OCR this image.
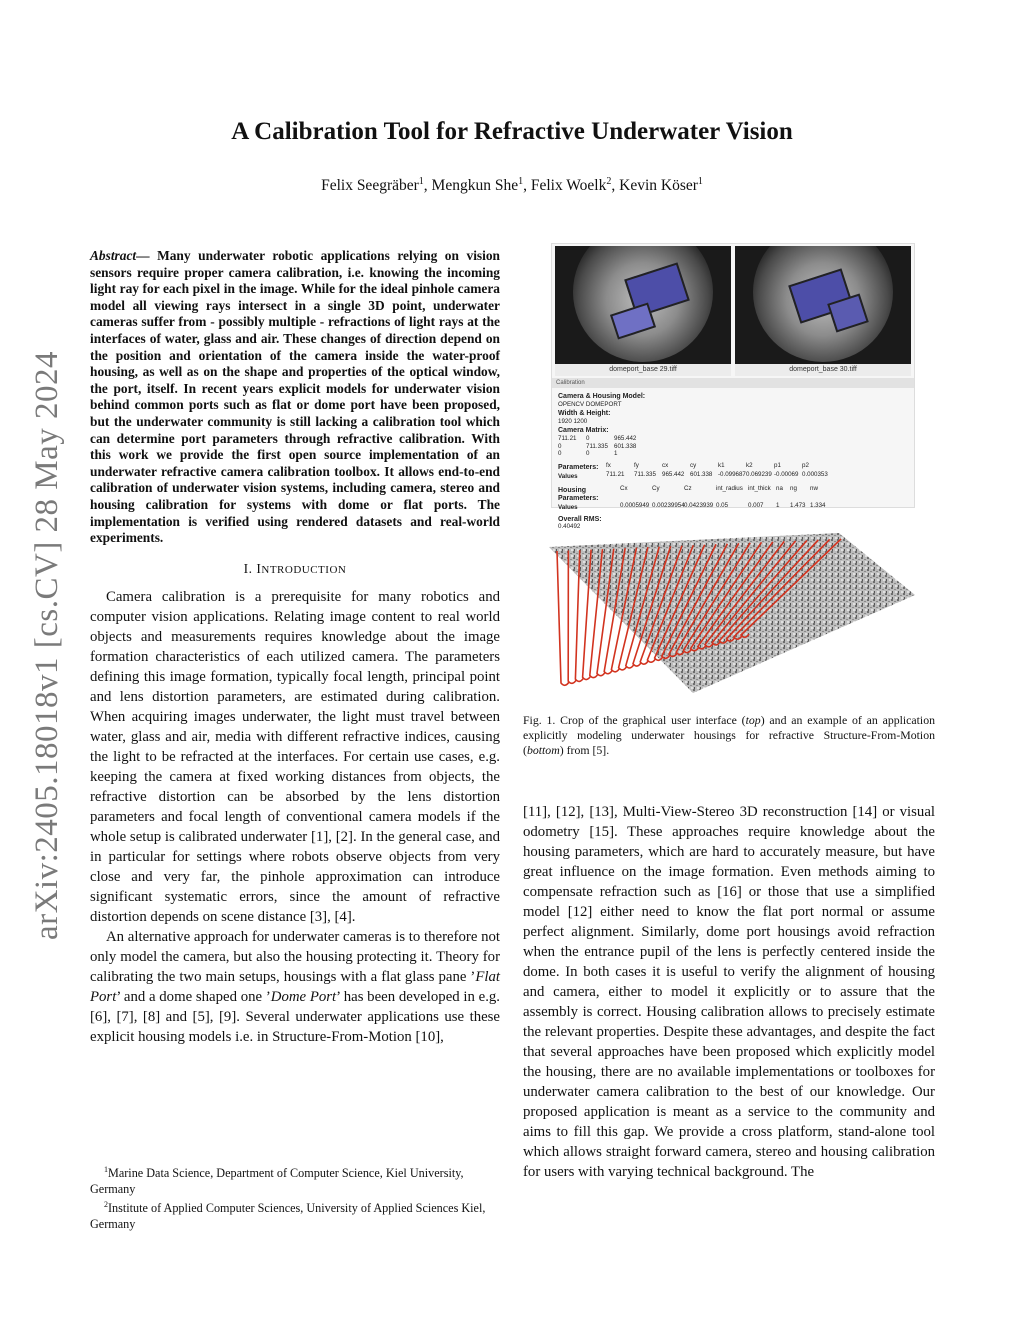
arXiv:2405.18018v1 [cs.CV] 28 May 2024
A Calibration Tool for Refractive Underwater Vision
Felix Seegräber$^1$, Mengkun She$^1$, Felix Woelk$^2$, Kevin Köser$^1$
Abstract— Many underwater robotic applications relying on vision sensors require proper camera calibration, i.e. knowing the incoming light ray for each pixel in the image. While for the ideal pinhole camera model all viewing rays intersect in a single 3D point, underwater cameras suffer from - possibly multiple - refractions of light rays at the interfaces of water, glass and air. These changes of direction depend on the position and orientation of the camera inside the water-proof housing, as well as on the shape and properties of the optical window, the port, itself. In recent years explicit models for underwater vision behind common ports such as flat or dome port have been proposed, but the underwater community is still lacking a calibration tool which can determine port parameters through refractive calibration. With this work we provide the first open source implementation of an underwater refractive camera calibration toolbox. It allows end-to-end calibration of underwater vision systems, including camera, stereo and housing calibration for systems with dome or flat ports. The implementation is verified using rendered datasets and real-world experiments.
I. INTRODUCTION

Camera calibration is a prerequisite for many robotics and computer vision applications. Relating image content to real world objects and measurements requires knowledge about the image formation characteristics of each utilized camera. The parameters defining this image formation, typically focal length, principal point and lens distortion parameters, are estimated during calibration. When acquiring images underwater, the light must travel between water, glass and air, media with different refractive indices, causing the light to be refracted at the interfaces. For certain use cases, e.g. keeping the camera at fixed working distances from objects, the refractive distortion can be absorbed by the lens distortion parameters and focal length of conventional camera models if the whole setup is calibrated underwater [1], [2]. In the general case, and in particular for settings where robots observe objects from very close and very far, the pinhole approximation can introduce significant systematic errors, since the amount of refractive distortion depends on scene distance [3], [4].

An alternative approach for underwater cameras is to therefore not only model the camera, but also the housing protecting it. Theory for calibrating the two main setups, housings with a flat glass pane ’Flat Port’ and a dome shaped one ’Dome Port’ has been developed in e.g. [6], [7], [8] and [5], [9]. Several underwater applications use these explicit housing models i.e. in Structure-From-Motion [10],

$^1$Marine Data Science, Department of Computer Science, Kiel University, Germany

$^2$Institute of Applied Computer Sciences, University of Applied Sciences Kiel, Germany

domeport_base 29.tiff	domeport_base 30.tiff
Calibration
Camera & Housing Model:
OPENCV DOMEPORT
Width & Height:
1920 1200
Camera Matrix:
711.21	0	965.442
0	711.335 601.338
0	0	1
Parameters:	fx	fy	cx	cy	k1	k2	p1	p2
Values	711.21	711.335 965.442 601.338 -0.099687 0.069239 -0.00069 0.000353
Housing Parameters:
Cx	Cy	Cz	int_radius int_thick na	ng	nw
Values	0.0005949 0.00239954 0.0423939 0.05	0.007	1	1.473 1.334
Overall RMS:
0.40492
Fig. 1. Crop of the graphical user interface (top) and an example of an application explicitly modeling underwater housings for refractive Structure-From-Motion (bottom) from [5].
[11], [12], [13], Multi-View-Stereo 3D reconstruction [14] or visual odometry [15]. These approaches require knowledge about the housing parameters, which are hard to accurately measure, but have great influence on the image formation. Even methods aiming to compensate refraction such as [16] or those that use a simplified model [12] either need to know the flat port normal or assume perfect alignment. Similarly, dome port housings avoid refraction when the entrance pupil of the lens is perfectly centered inside the dome. In both cases it is useful to verify the alignment of housing and camera, either to model it explicitly or to assure that the assembly is correct. Housing calibration allows to precisely estimate the relevant properties. Despite these advantages, and despite the fact that several approaches have been proposed which explicitly model the housing, there are no available implementations or toolboxes for underwater camera calibration to the best of our knowledge. Our proposed application is meant as a service to the community and aims to fill this gap. We provide a cross platform, stand-alone tool which allows straight forward camera, stereo and housing calibration for users with varying technical background. The
